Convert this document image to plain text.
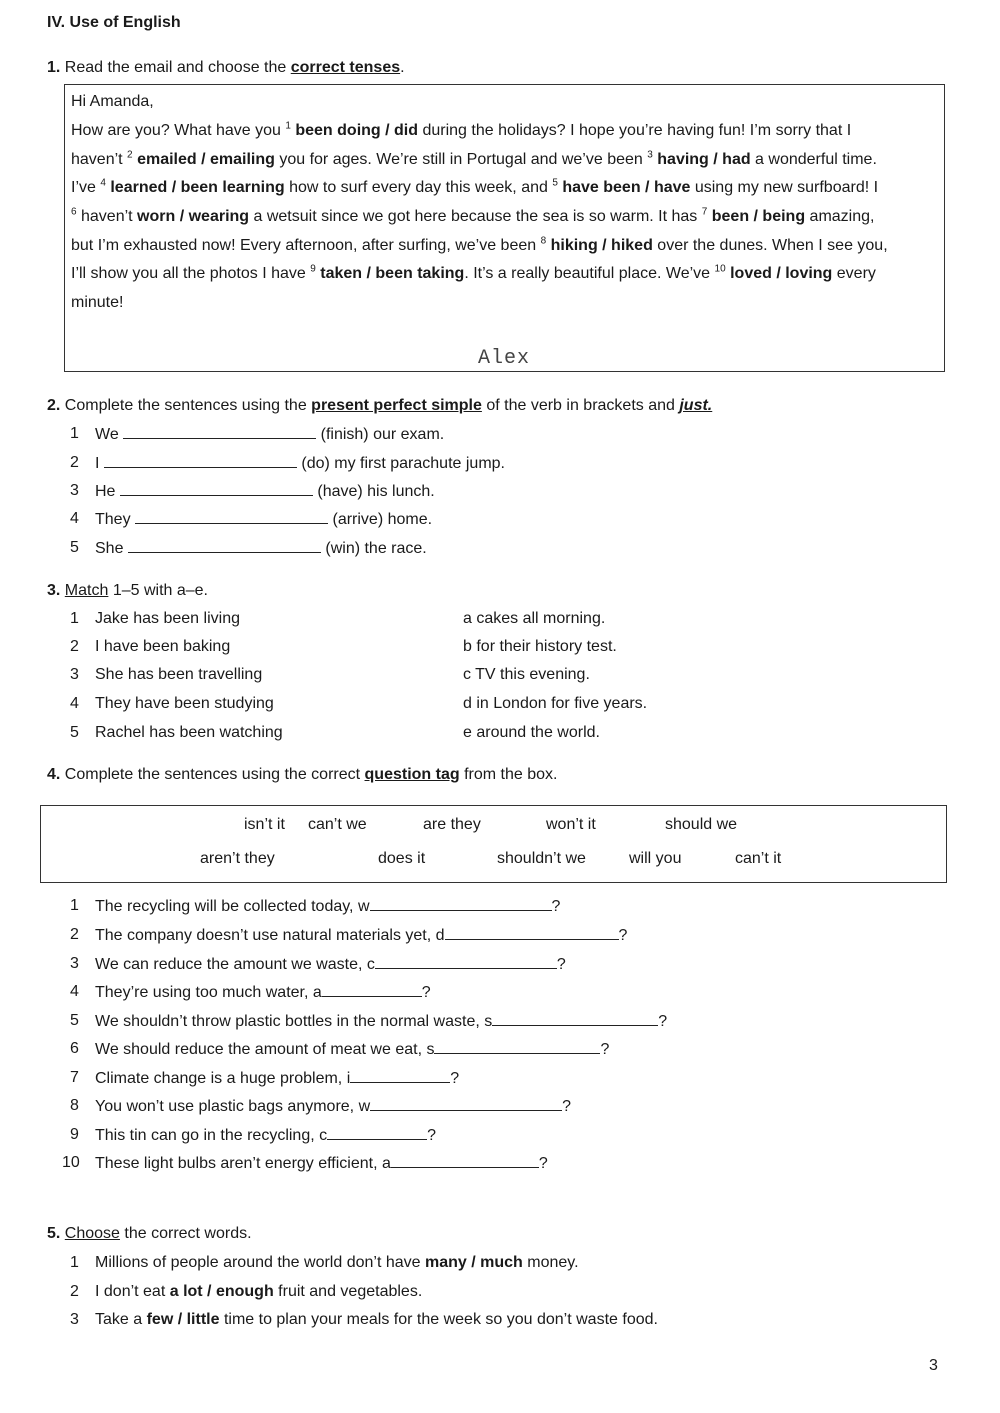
IV. Use of English
1. Read the email and choose the correct tenses.
Hi Amanda,
How are you? What have you $^1$ been doing / did during the holidays? I hope you’re having fun! I’m sorry that I
haven’t $^2$ emailed / emailing you for ages. We’re still in Portugal and we’ve been $^3$ having / had a wonderful time.
I’ve $^4$ learned / been learning how to surf every day this week, and $^5$ have been / have using my new surfboard! I
$^6$ haven’t worn / wearing a wetsuit since we got here because the sea is so warm. It has $^7$ been / being amazing,
but I’m exhausted now! Every afternoon, after surfing, we’ve been $^8$ hiking / hiked over the dunes. When I see you,
I’ll show you all the photos I have $^9$ taken / been taking. It’s a really beautiful place. We’ve $^{10}$ loved / loving every
minute!
Alex
2. Complete the sentences using the present perfect simple of the verb in brackets and just.
1	We	(finish) our exam.
2	I	(do) my first parachute jump.
3	He	(have) his lunch.
4	They	(arrive) home.
5	She	(win) the race.
3. Match 1–5 with a–e.
1	Jake has been living	a cakes all morning.
2	I have been baking	b for their history test.
3	She has been travelling	c TV this evening.
4	They have been studying	d in London for five years.
5	Rachel has been watching	e around the world.
4. Complete the sentences using the correct question tag from the box.
isn’t it can’t we	are they	won’t it	should we
aren’t they	does it	shouldn’t we	will you	can’t it
1	The recycling will be collected today, w	?
2	The company doesn’t use natural materials yet, d	?
3	We can reduce the amount we waste, c	?
4	They’re using too much water, a	?
5	We shouldn’t throw plastic bottles in the normal waste, s	?
6	We should reduce the amount of meat we eat, s	?
7	Climate change is a huge problem, i	?
8	You won’t use plastic bags anymore, w	?
9	This tin can go in the recycling, c	?
10 These light bulbs aren’t energy efficient, a	?
5. Choose the correct words.
1	Millions of people around the world don’t have many / much money.
2	I don’t eat a lot / enough fruit and vegetables.
3	Take a few / little time to plan your meals for the week so you don’t waste food.
3
